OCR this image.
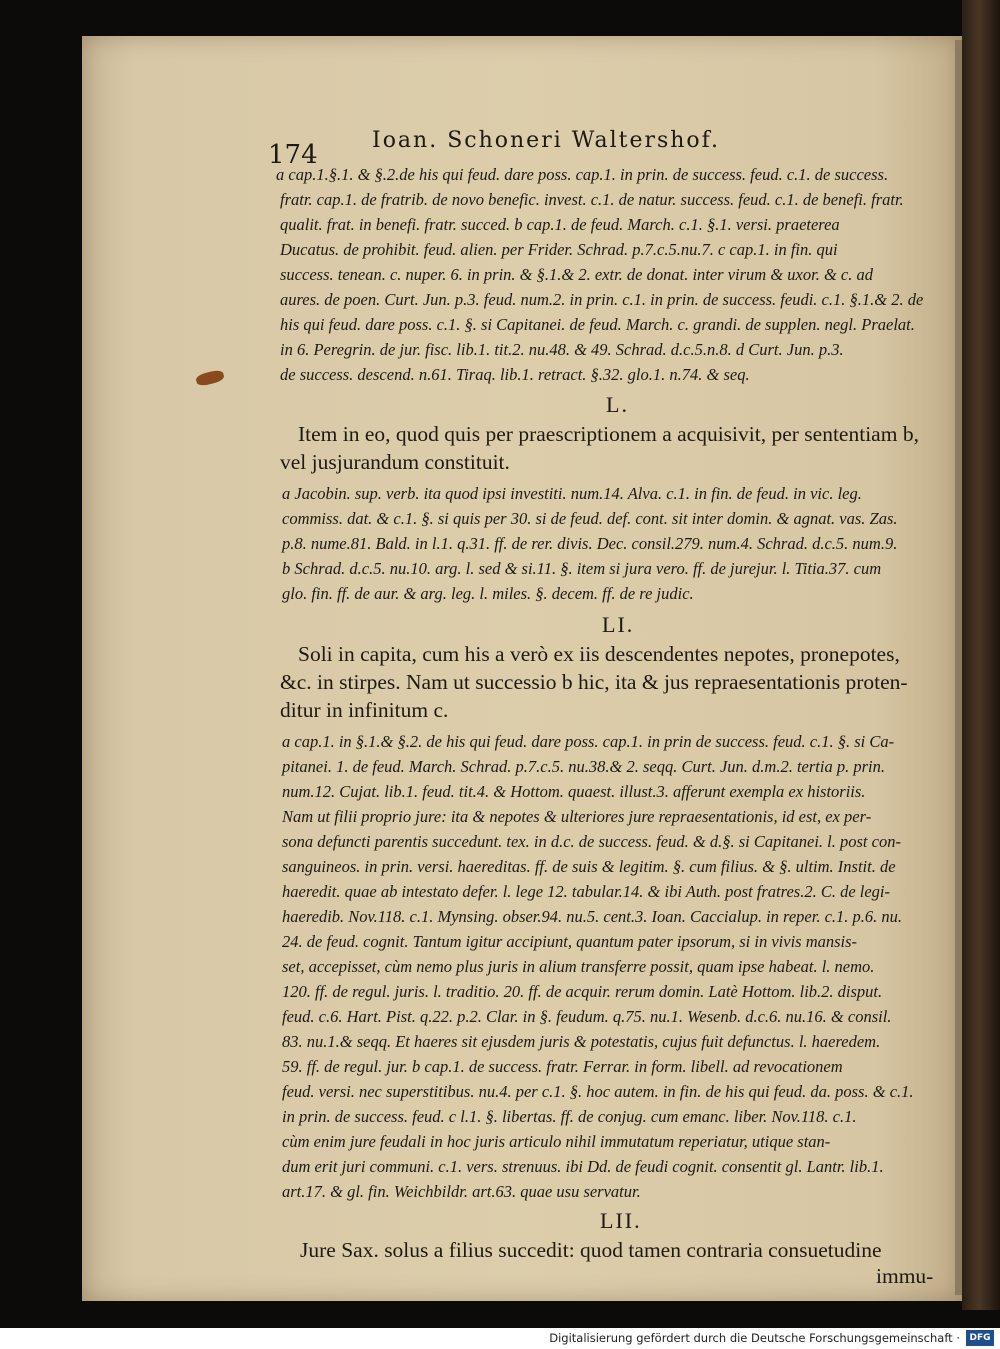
174 Ioan. Schoneri Waltershof.
a cap.1.§.1. & §.2.de his qui feud. dare poss. cap.1. in prin. de success. feud. c.1. de success.
fratr. cap.1. de fratrib. de novo benefic. invest. c.1. de natur. success. feud. c.1. de benefi. fratr.
qualit. frat. in benefi. fratr. succed. b cap.1. de feud. March. c.1. §.1. versi. praeterea
Ducatus. de prohibit. feud. alien. per Frider. Schrad. p.7.c.5.nu.7. c cap.1. in fin. qui
success. tenean. c. nuper. 6. in prin. & §.1.& 2. extr. de donat. inter virum & uxor. & c. ad
aures. de poen. Curt. Jun. p.3. feud. num.2. in prin. c.1. in prin. de success. feudi. c.1. §.1.& 2. de
his qui feud. dare poss. c.1. §. si Capitanei. de feud. March. c. grandi. de supplen. negl. Praelat.
in 6. Peregrin. de jur. fisc. lib.1. tit.2. nu.48. & 49. Schrad. d.c.5.n.8. d Curt. Jun. p.3.
de success. descend. n.61. Tiraq. lib.1. retract. §.32. glo.1. n.74. & seq.
L.
Item in eo, quod quis per praescriptionem a acquisivit, per sententiam b,
vel jusjurandum constituit.
a Jacobin. sup. verb. ita quod ipsi investiti. num.14. Alva. c.1. in fin. de feud. in vic. leg.
commiss. dat. & c.1. §. si quis per 30. si de feud. def. cont. sit inter domin. & agnat. vas. Zas.
p.8. nume.81. Bald. in l.1. q.31. ff. de rer. divis. Dec. consil.279. num.4. Schrad. d.c.5. num.9.
b Schrad. d.c.5. nu.10. arg. l. sed & si.11. §. item si jura vero. ff. de jurejur. l. Titia.37. cum
glo. fin. ff. de aur. & arg. leg. l. miles. §. decem. ff. de re judic.
LI.
Soli in capita, cum his a verò ex iis descendentes nepotes, pronepotes,
&c. in stirpes. Nam ut successio b hic, ita & jus repraesentationis proten-
ditur in infinitum c.
a cap.1. in §.1.& §.2. de his qui feud. dare poss. cap.1. in prin de success. feud. c.1. §. si Ca-
pitanei. 1. de feud. March. Schrad. p.7.c.5. nu.38.& 2. seqq. Curt. Jun. d.m.2. tertia p. prin.
num.12. Cujat. lib.1. feud. tit.4. & Hottom. quaest. illust.3. afferunt exempla ex historiis.
Nam ut filii proprio jure: ita & nepotes & ulteriores jure repraesentationis, id est, ex per-
sona defuncti parentis succedunt. tex. in d.c. de success. feud. & d.§. si Capitanei. l. post con-
sanguineos. in prin. versi. haereditas. ff. de suis & legitim. §. cum filius. & §. ultim. Instit. de
haeredit. quae ab intestato defer. l. lege 12. tabular.14. & ibi Auth. post fratres.2. C. de legi-
haeredib. Nov.118. c.1. Mynsing. obser.94. nu.5. cent.3. Ioan. Caccialup. in reper. c.1. p.6. nu.
24. de feud. cognit. Tantum igitur accipiunt, quantum pater ipsorum, si in vivis mansis-
set, accepisset, cùm nemo plus juris in alium transferre possit, quam ipse habeat. l. nemo.
120. ff. de regul. juris. l. traditio. 20. ff. de acquir. rerum domin. Latè Hottom. lib.2. disput.
feud. c.6. Hart. Pist. q.22. p.2. Clar. in §. feudum. q.75. nu.1. Wesenb. d.c.6. nu.16. & consil.
83. nu.1.& seqq. Et haeres sit ejusdem juris & potestatis, cujus fuit defunctus. l. haeredem.
59. ff. de regul. jur. b cap.1. de success. fratr. Ferrar. in form. libell. ad revocationem
feud. versi. nec superstitibus. nu.4. per c.1. §. hoc autem. in fin. de his qui feud. da. poss. & c.1.
in prin. de success. feud. c l.1. §. libertas. ff. de conjug. cum emanc. liber. Nov.118. c.1.
cùm enim jure feudali in hoc juris articulo nihil immutatum reperiatur, utique stan-
dum erit juri communi. c.1. vers. strenuus. ibi Dd. de feudi cognit. consentit gl. Lantr. lib.1.
art.17. & gl. fin. Weichbildr. art.63. quae usu servatur.
LII.
Jure Sax. solus a filius succedit: quod tamen contraria consuetudine
immu-
Digitalisierung gefördert durch die Deutsche Forschungsgemeinschaft ·	DFG
